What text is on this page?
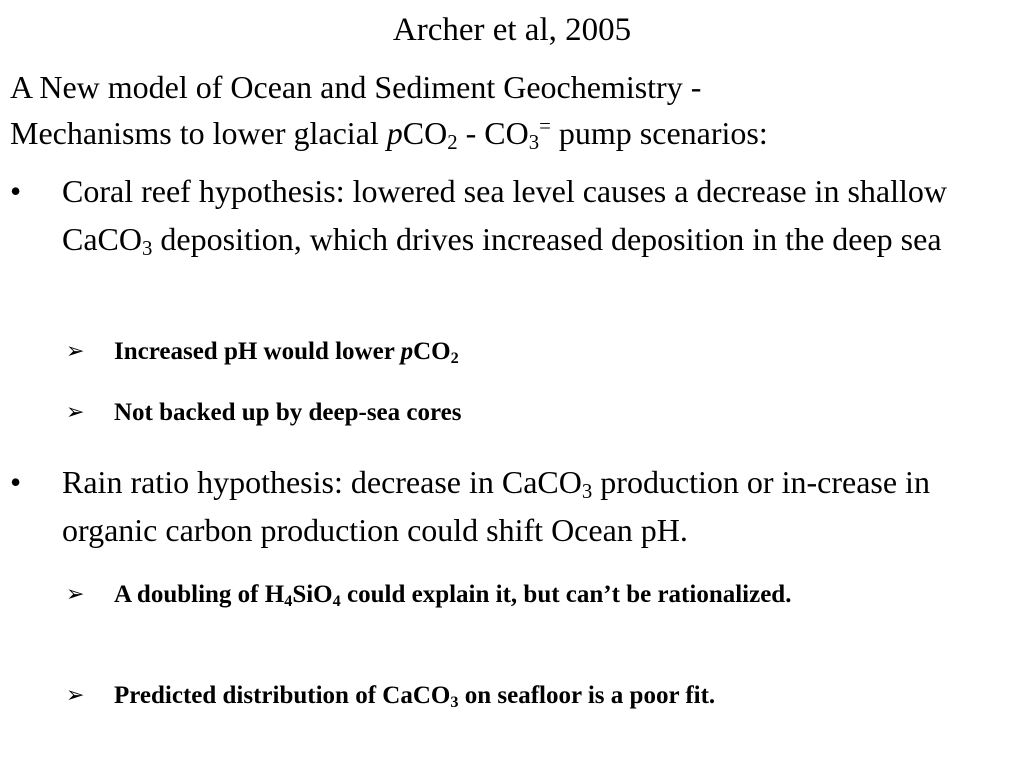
Archer et al, 2005
A New model of Ocean and Sediment Geochemistry -
Mechanisms to lower glacial $pCO_2 - CO_3^=$ pump scenarios:
•	Coral reef hypothesis: lowered sea level causes a decrease in shallow CaCO$_3$ deposition, which drives increased deposition in the deep sea
➢ Increased pH would lower pCO$_2$
➢ Not backed up by deep-sea cores
•	Rain ratio hypothesis: decrease in CaCO$_3$ production or in-crease in organic carbon production could shift Ocean pH.
➢ A doubling of $H_4SiO_4$ could explain it, but can’t be rationalized.
➢ Predicted distribution of CaCO$_3$ on seafloor is a poor fit.
